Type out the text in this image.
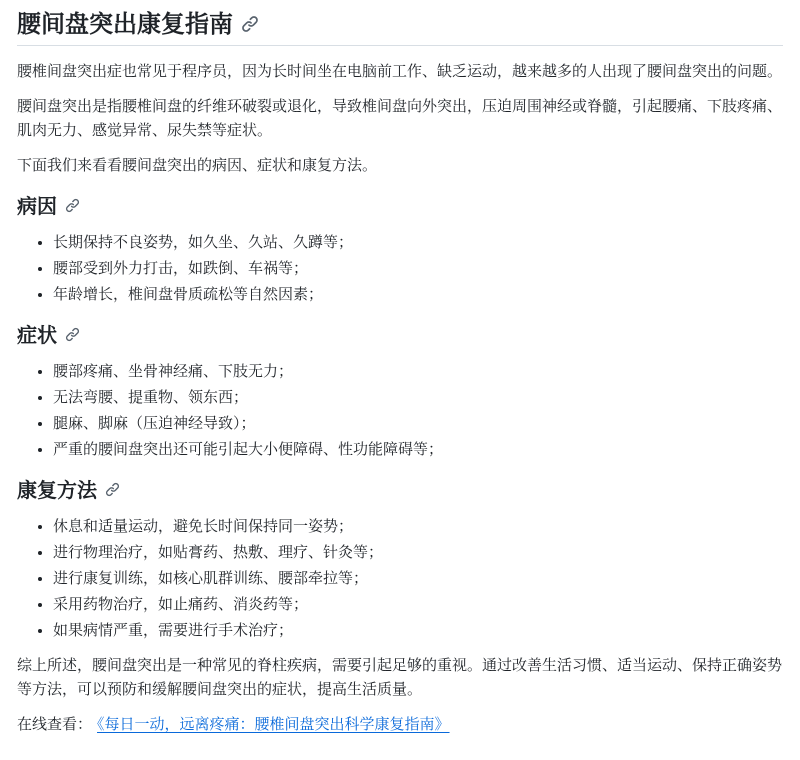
腰间盘突出康复指南

腰椎间盘突出症也常见于程序员，因为长时间坐在电脑前工作、缺乏运动，越来越多的人出现了腰间盘突出的问题。

腰间盘突出是指腰椎间盘的纤维环破裂或退化，导致椎间盘向外突出，压迫周围神经或脊髓，引起腰痛、下肢疼痛、肌肉无力、感觉异常、尿失禁等症状。

下面我们来看看腰间盘突出的病因、症状和康复方法。

病因
• 长期保持不良姿势，如久坐、久站、久蹲等；
• 腰部受到外力打击，如跌倒、车祸等；
• 年龄增长，椎间盘骨质疏松等自然因素；
症状
• 腰部疼痛、坐骨神经痛、下肢无力；
• 无法弯腰、提重物、领东西；
• 腿麻、脚麻（压迫神经导致）；
• 严重的腰间盘突出还可能引起大小便障碍、性功能障碍等；
康复方法
• 休息和适量运动，避免长时间保持同一姿势；
• 进行物理治疗，如贴膏药、热敷、理疗、针灸等；
• 进行康复训练，如核心肌群训练、腰部牵拉等；
• 采用药物治疗，如止痛药、消炎药等；
• 如果病情严重，需要进行手术治疗；

综上所述，腰间盘突出是一种常见的脊柱疾病，需要引起足够的重视。通过改善生活习惯、适当运动、保持正确姿势等方法，可以预防和缓解腰间盘突出的症状，提高生活质量。

在线查看： 《每日一动，远离疼痛：腰椎间盘突出科学康复指南》
